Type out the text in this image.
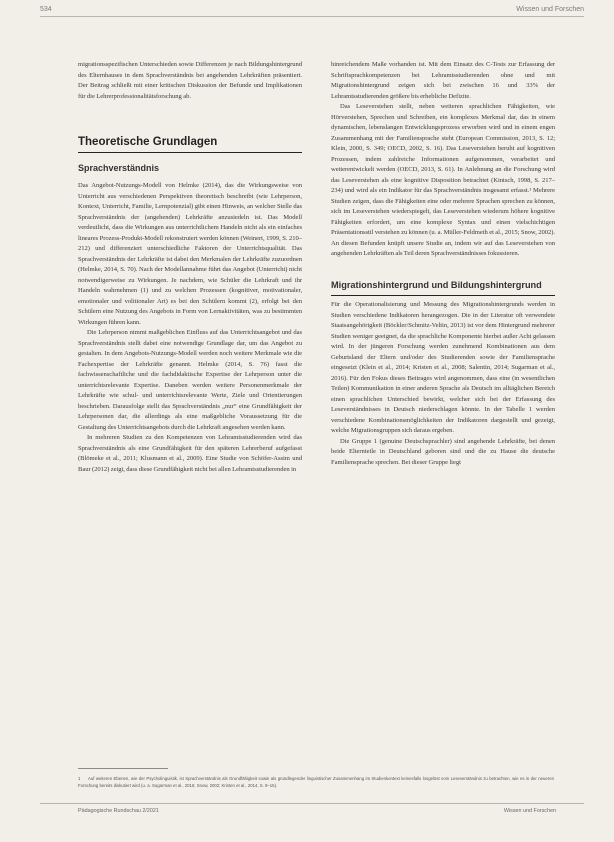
534	Wissen und Forschen

migrationsspezifischen Unterschieden sowie Differenzen je nach Bildungshintergrund des Elternhauses in dem Sprachverständnis bei angehenden Lehrkräften präsentiert. Der Beitrag schließt mit einer kritischen Diskussion der Befunde und Implikationen für die Lehrerprofessionalitätsforschung ab.

Theoretische Grundlagen
Sprachverständnis

Das Angebot-Nutzungs-Modell von Helmke (2014), das die Wirkungsweise von Unterricht aus verschiedenen Perspektiven theoretisch beschreibt (wie Lehrperson, Kontext, Unterricht, Familie, Lernpotenzial) gibt einen Hinweis, an welcher Stelle das Sprachverständnis der (angehenden) Lehrkräfte anzusiedeln ist. Das Modell verdeutlicht, dass die Wirkungen aus unterrichtlichem Handeln nicht als ein einfaches lineares Prozess-Produkt-Modell rekonstruiert werden können (Weinert, 1999, S. 210–212) und differenziert unterschiedliche Faktoren der Unterrichtsqualität. Das Sprachverständnis der Lehrkräfte ist dabei den Merkmalen der Lehrkräfte zuzuordnen (Helmke, 2014, S. 70). Nach der Modellannahme führt das Angebot (Unterricht) nicht notwendigerweise zu Wirkungen. Je nachdem, wie Schüler die Lehrkraft und ihr Handeln wahrnehmen (1) und zu welchen Prozessen (kognitiver, motivationaler, emotionaler und volitionaler Art) es bei den Schülern kommt (2), erfolgt bei den Schülern eine Nutzung des Angebots in Form von Lernaktivitäten, was zu bestimmten Wirkungen führen kann.

Die Lehrperson nimmt maßgeblichen Einfluss auf das Unterrichtsangebot und das Sprachverständnis stellt dabei eine notwendige Grundlage dar, um das Angebot zu gestalten. In dem Angebots-Nutzungs-Modell werden noch weitere Merkmale wie die Fachexpertise der Lehrkräfte genannt. Helmke (2014, S. 76) fasst die fachwissenschaftliche und die fachdidaktische Expertise der Lehrperson unter die unterrichtsrelevante Expertise. Daneben werden weitere Personenmerkmale der Lehrkräfte wie schul- und unterrichtsrelevante Werte, Ziele und Orientierungen beschrieben. Darausfolge stellt das Sprachverständnis „nur“ eine Grundfähigkeit der Lehrpersonen dar, die allerdings als eine maßgebliche Voraussetzung für die Gestaltung des Unterrichtsangebots durch die Lehrkraft angesehen werden kann.

In mehreren Studien zu den Kompetenzen von Lehramtsstudierenden wird das Sprachverständnis als eine Grundfähigkeit für den späteren Lehrerberuf aufgefasst (Blömeke et al., 2011; Klusmann et al., 2009). Eine Studie von Schöfer-Assim und Baur (2012) zeigt, dass diese Grundfähigkeit nicht bei allen Lehramtsstudierenden in

hinreichendem Maße vorhanden ist. Mit dem Einsatz des C-Tests zur Erfassung der Schriftsprachkompetenzen bei Lehramtsstudierenden ohne und mit Migrationshintergrund zeigen sich bei zwischen 16 und 33% der Lehramtsstudierenden größere bis erhebliche Defizite.

Das Leseverstehen stellt, neben weiteren sprachlichen Fähigkeiten, wie Hörverstehen, Sprechen und Schreiben, ein komplexes Merkmal dar, das in einem dynamischen, lebenslangen Entwicklungsprozess erworben wird und in einem engen Zusammenhang mit der Familiensprache steht (European Commission, 2013, S. 12; Klein, 2000, S. 349; OECD, 2002, S. 16). Das Leseverstehen beruht auf kognitiven Prozessen, indem zahlreiche Informationen aufgenommen, verarbeitet und weiterentwickelt werden (OECD, 2013, S. 61). In Anlehnung an die Forschung wird das Leseverstehen als eine kognitive Disposition betrachtet (Kintsch, 1998, S. 217–234) und wird als ein Indikator für das Sprachverständnis insgesamt erfasst.¹ Mehrere Studien zeigen, dass die Fähigkeiten eine oder mehrere Sprachen sprechen zu können, sich im Leseverstehen wiederspiegelt, das Leseverstehen wiederum höhere kognitive Fähigkeiten erfordert, um eine komplexe Syntax und einen vielschichtigen Präsentationsstil verstehen zu können (u. a. Müller-Feldmeth et al., 2015; Snow, 2002). An diesen Befunden knüpft unsere Studie an, indem wir auf das Leseverstehen von angehenden Lehrkräften als Teil deren Sprachverständnisses fokussieren.

Migrationshintergrund und Bildungshintergrund

Für die Operationalisierung und Messung des Migrationshintergrunds werden in Studien verschiedene Indikatoren herangezogen. Die in der Literatur oft verwendete Staatsangehörigkeit (Böckler/Schmitz-Veltin, 2013) ist vor dem Hintergrund mehrerer Studien weniger geeignet, da die sprachliche Komponente hierbei außer Acht gelassen wird. In der jüngeren Forschung werden zunehmend Kombinationen aus dem Geburtsland der Eltern und/oder des Studierenden sowie der Familiensprache eingesetzt (Klein et al., 2014; Kristen et al., 2008; Salentin, 2014; Sugarman et al., 2016). Für den Fokus dieses Beitrages wird angenommen, dass eine (in wesentlichen Teilen) Kommunikation in einer anderen Sprache als Deutsch im alltäglichen Bereich einen sprachlichen Unterschied bewirkt, welcher sich bei der Erfassung des Leseverständnisses in Deutsch niederschlagen könnte. In der Tabelle 1 werden verschiedene Kombinationsmöglichkeiten der Indikatoren dargestellt und gezeigt, welche Migrationsgruppen sich daraus ergeben.

Die Gruppe 1 (genuine Deutschsprachler) sind angehende Lehrkräfte, bei denen beide Elternteile in Deutschland geboren sind und die zu Hause die deutsche Familiensprache sprechen. Bei dieser Gruppe liegt

1 Auf weiteren Ebenen, wie der Psycholinguistik, ist Sprachverständnis als Grundfähigkeit sowie als grundlegender linguistischer Zusammenhang im Studienkontext keinesfalls losgelöst vom Leseverständnis zu betrachten, wie es in der neueren Forschung bereits diskutiert wird (u. a. Sugarman et al., 2016; Snow, 2002; Kristen et al., 2014, S. 9–15).
Pädagogische Rundschau 2/2021	Wissen und Forschen
